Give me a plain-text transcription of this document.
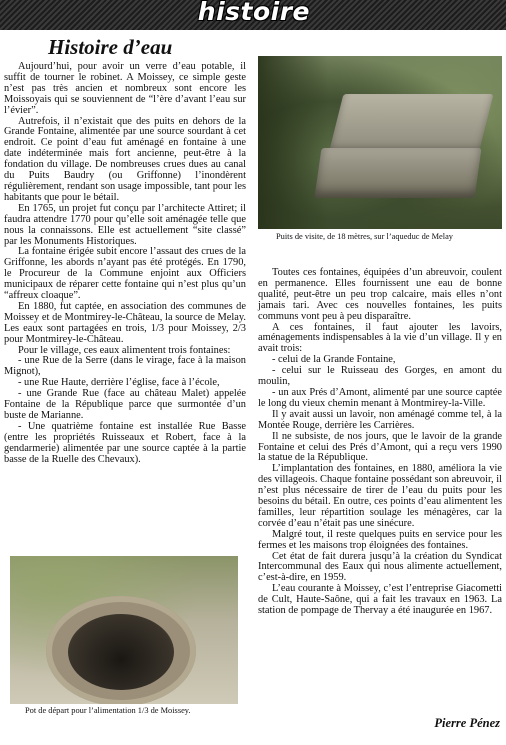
histoire
Histoire d’eau

Aujourd’hui, pour avoir un verre d’eau potable, il suffit de tourner le robinet. A Moissey, ce simple geste n’est pas très ancien et nombreux sont encore les Moissoyais qui se souviennent de “l’ère d’avant l’eau sur l’évier”.

Autrefois, il n’existait que des puits en dehors de la Grande Fontaine, alimentée par une source sourdant à cet endroit. Ce point d’eau fut aménagé en fontaine à une date indéterminée mais fort ancienne, peut-être à la fondation du village. De nombreuses crues dues au canal du Puits Baudry (ou Griffonne) l’inondèrent régulièrement, rendant son usage impossible, tant pour les habitants que pour le bétail.

En 1765, un projet fut conçu par l’architecte Attiret; il faudra attendre 1770 pour qu’elle soit aménagée telle que nous la connaissons. Elle est actuellement “site classé” par les Monuments Historiques.

La fontaine érigée subit encore l’assaut des crues de la Griffonne, les abords n’ayant pas été protégés. En 1790, le Procureur de la Commune enjoint aux Officiers municipaux de réparer cette fontaine qui n’est plus qu’un “affreux cloaque”.

En 1880, fut captée, en association des communes de Moissey et de Montmirey-le-Château, la source de Melay. Les eaux sont partagées en trois, 1/3 pour Moissey, 2/3 pour Montmirey-le-Château.

Pour le village, ces eaux alimentent trois fontaines:

- une Rue de la Serre (dans le virage, face à la maison Mignot),

- une Rue Haute, derrière l’église, face à l’école,

- une Grande Rue (face au château Malet) appelée Fontaine de la République parce que surmontée d’un buste de Marianne.

- Une quatrième fontaine est installée Rue Basse (entre les propriétés Ruisseaux et Robert, face à la gendarmerie) alimentée par une source captée à la partie basse de la Ruelle des Chevaux).

Puits de visite, de 18 mètres, sur l’aqueduc de Melay

Toutes ces fontaines, équipées d’un abreuvoir, coulent en permanence. Elles fournissent une eau de bonne qualité, peut-être un peu trop calcaire, mais elles n’ont jamais tari. Avec ces nouvelles fontaines, les puits communs vont peu à peu disparaître.

A ces fontaines, il faut ajouter les lavoirs, aménagements indispensables à la vie d’un village. Il y en avait trois:

- celui de la Grande Fontaine,

- celui sur le Ruisseau des Gorges, en amont du moulin,

- un aux Prés d’Amont, alimenté par une source captée le long du vieux chemin menant à Montmirey-la-Ville.

Il y avait aussi un lavoir, non aménagé comme tel, à la Montée Rouge, derrière les Carrières.

Il ne subsiste, de nos jours, que le lavoir de la grande Fontaine et celui des Prés d’Amont, qui a reçu vers 1990 la statue de la République.

L’implantation des fontaines, en 1880, améliora la vie des villageois. Chaque fontaine possédant son abreuvoir, il n’est plus nécessaire de tirer de l’eau du puits pour les besoins du bétail. En outre, ces points d’eau alimentent les familles, leur répartition soulage les ménagères, car la corvée d’eau n’était pas une sinécure.

Malgré tout, il reste quelques puits en service pour les fermes et les maisons trop éloignées des fontaines.

Cet état de fait durera jusqu’à la création du Syndicat Intercommunal des Eaux qui nous alimente actuellement, c’est-à-dire, en 1959.

L’eau courante à Moissey, c’est l’entreprise Giacometti de Cult, Haute-Saône, qui a fait les travaux en 1963. La station de pompage de Thervay a été inaugurée en 1967.

Pot de départ pour l’alimentation 1/3 de Moissey.
Pierre Pénez
